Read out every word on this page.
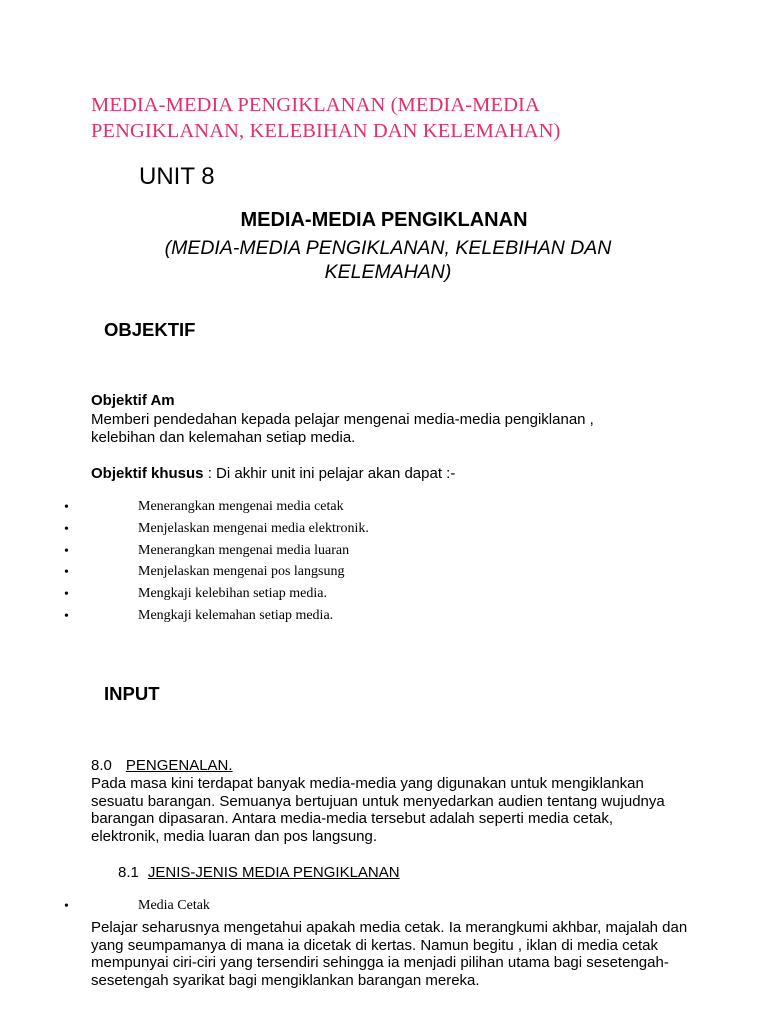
MEDIA-MEDIA PENGIKLANAN (MEDIA-MEDIA PENGIKLANAN, KELEBIHAN DAN KELEMAHAN)

UNIT 8

MEDIA-MEDIA PENGIKLANAN

(MEDIA-MEDIA PENGIKLANAN, KELEBIHAN DAN KELEMAHAN)

OBJEKTIF

Objektif Am

Memberi pendedahan kepada pelajar mengenai media-media pengiklanan , kelebihan dan kelemahan setiap media.

Objektif khusus : Di akhir unit ini pelajar akan dapat :-

•	Menerangkan mengenai media cetak
•	Menjelaskan mengenai media elektronik.
•	Menerangkan mengenai media luaran
•	Menjelaskan mengenai pos langsung
•	Mengkaji kelebihan setiap media.
•	Mengkaji kelemahan setiap media.

INPUT

8.0 PENGENALAN.

Pada masa kini terdapat banyak media-media yang digunakan untuk mengiklankan sesuatu barangan. Semuanya bertujuan untuk menyedarkan audien tentang wujudnya barangan dipasaran. Antara media-media tersebut adalah seperti media cetak, elektronik, media luaran dan pos langsung.

8.1 JENIS-JENIS MEDIA PENGIKLANAN

•	Media Cetak

Pelajar seharusnya mengetahui apakah media cetak. Ia merangkumi akhbar, majalah dan yang seumpamanya di mana ia dicetak di kertas. Namun begitu , iklan di media cetak mempunyai ciri-ciri yang tersendiri sehingga ia menjadi pilihan utama bagi sesetengah-sesetengah syarikat bagi mengiklankan barangan mereka.
